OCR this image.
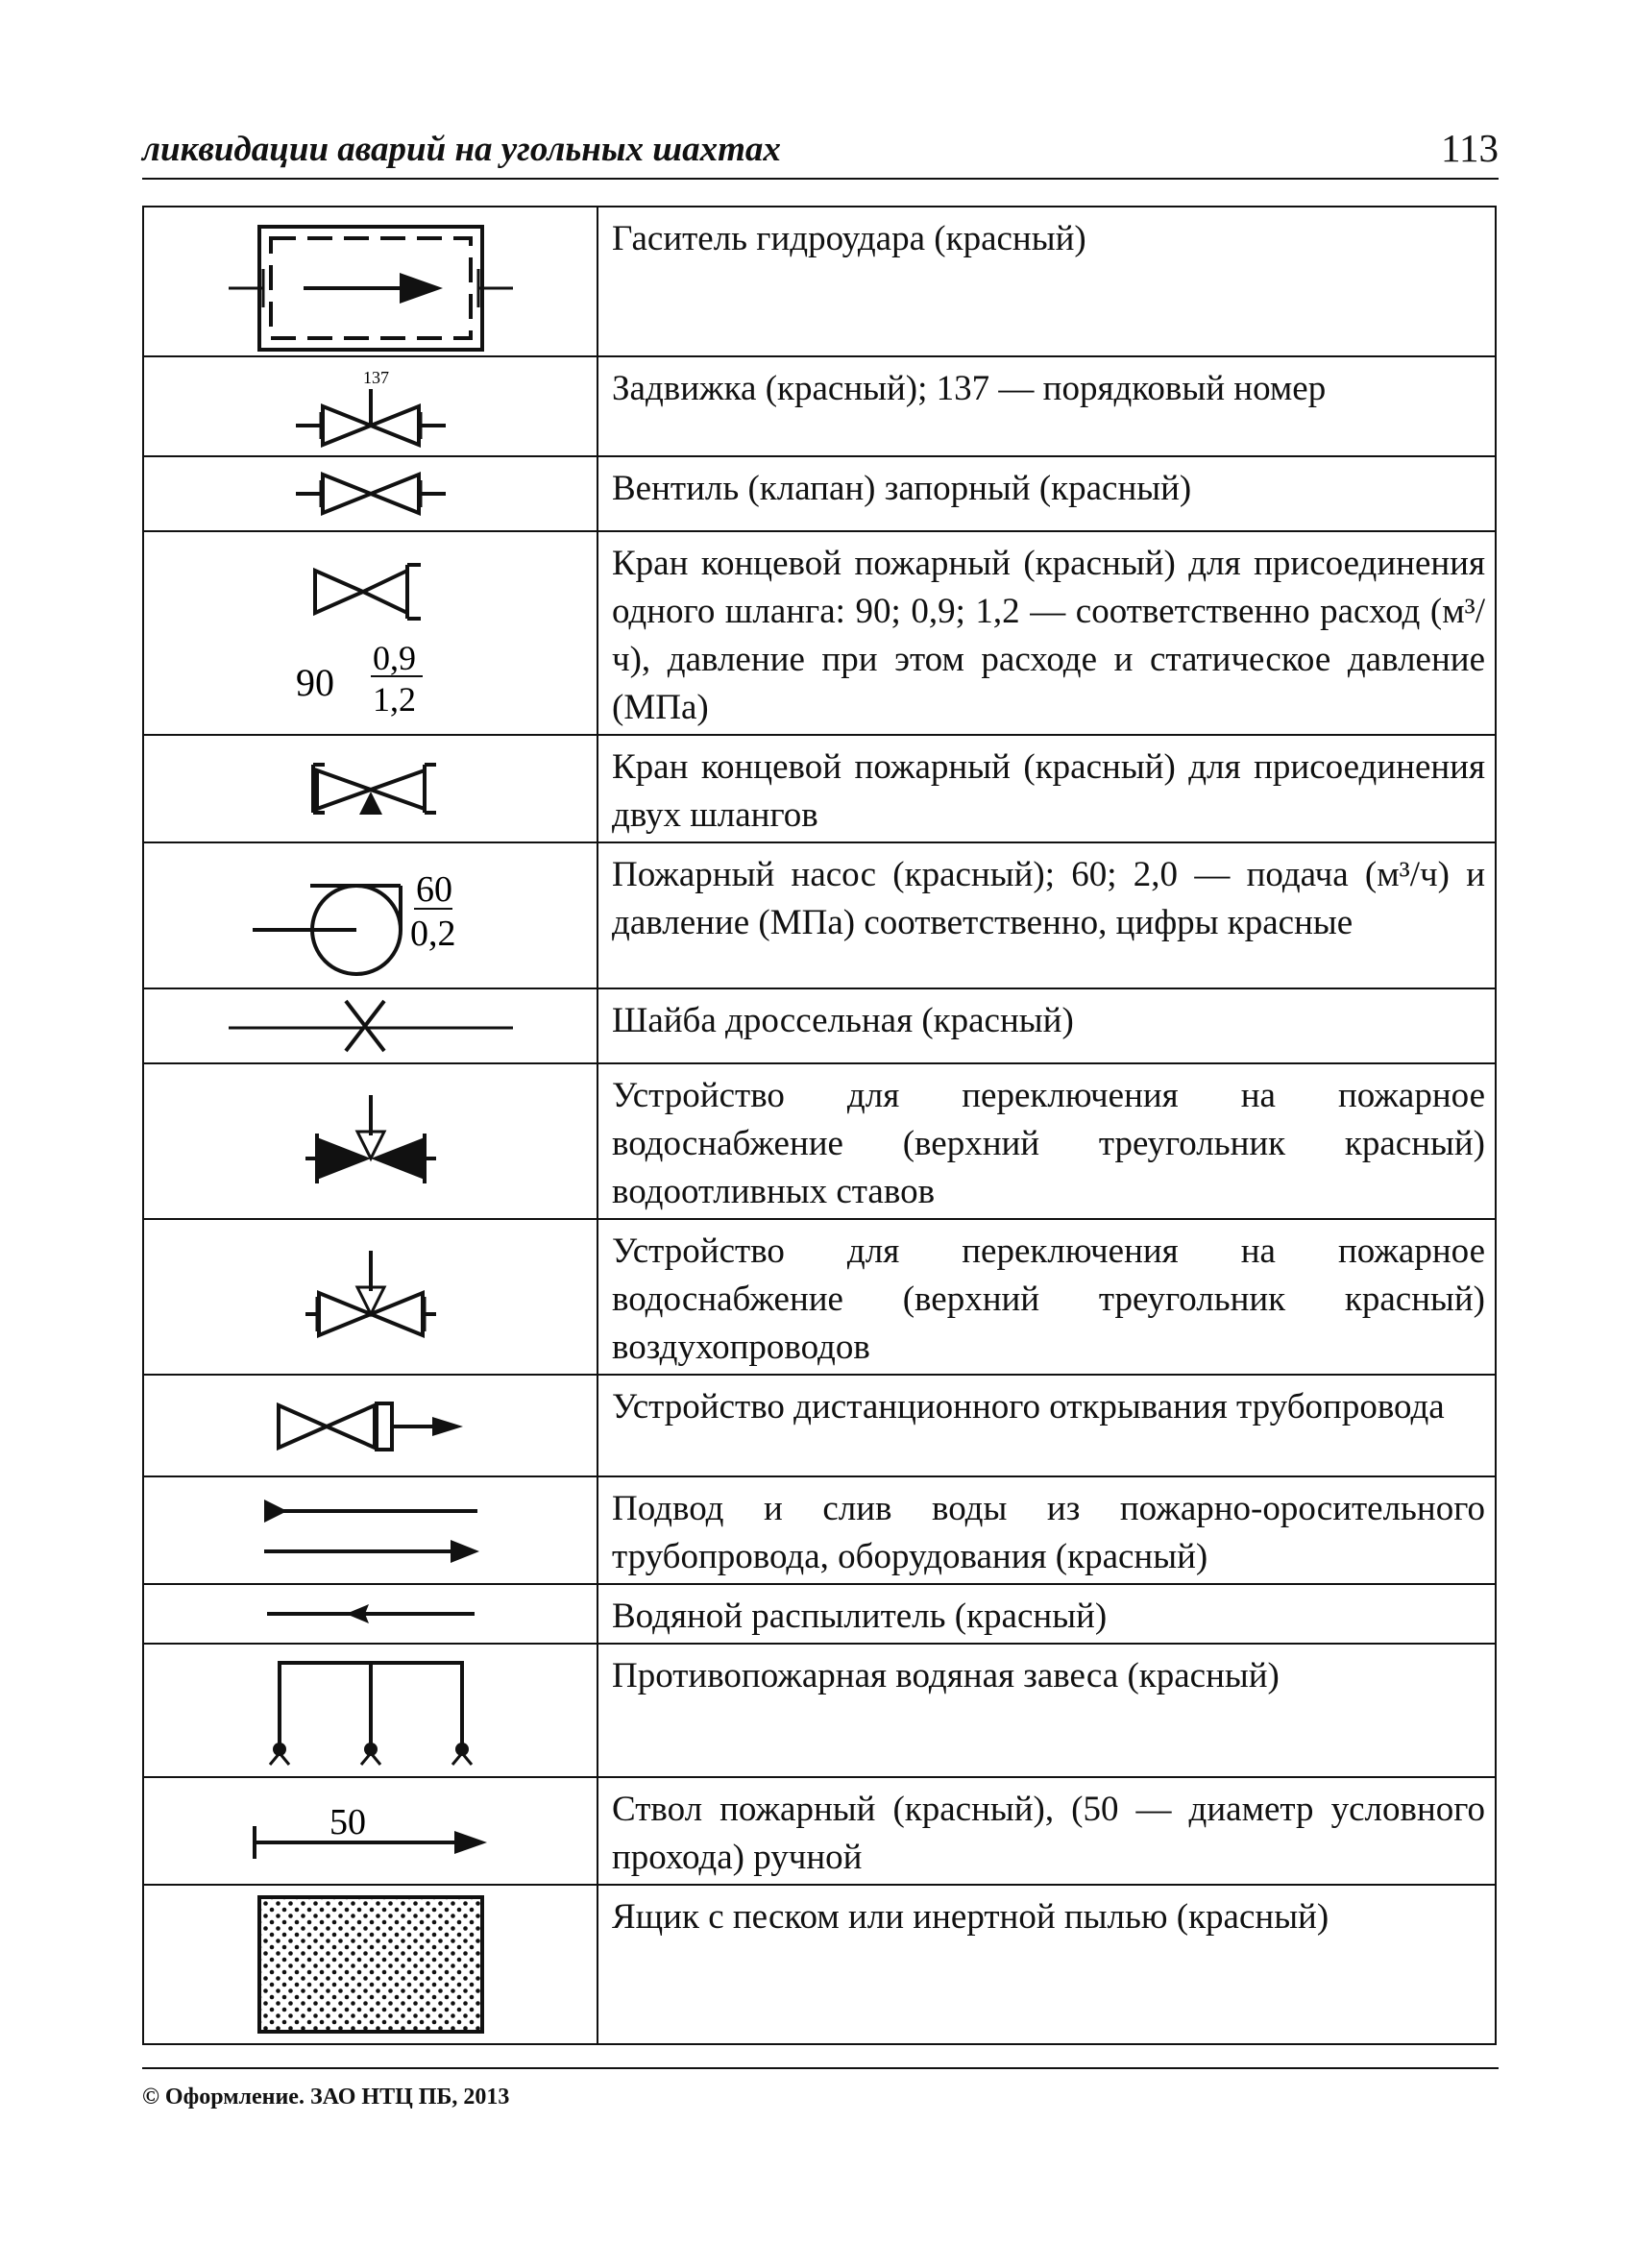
ликвидации аварий на угольных шахтах	113
	Гаситель гидроудара (красный)

137	Задвижка (красный); 137 — порядковый номер

	Вентиль (клапан) запорный (красный)

90
0,9
1,2	Кран концевой пожарный (красный) для присоединения одного шланга: 90; 0,9; 1,2 — соответственно расход (м³/ч), давление при этом расходе и статическое давление (МПа)

	Кран концевой пожарный (красный) для присоединения двух шлангов

60
0,2	Пожарный насос (красный); 60; 2,0 — подача (м³/ч) и давление (МПа) соответственно, цифры красные

	Шайба дроссельная (красный)

	Устройство для переключения на пожарное водоснабжение (верхний треугольник красный) водоотливных ставов

	Устройство для переключения на пожарное водоснабжение (верхний треугольник красный) воздухопроводов

	Устройство дистанционного открывания трубопровода

	Подвод и слив воды из пожарно-оросительного трубопровода, оборудования (красный)

	Водяной распылитель (красный)

	Противопожарная водяная завеса (красный)

50	Ствол пожарный (красный), (50 — диаметр условного прохода) ручной

	Ящик с песком или инертной пылью (красный)
© Оформление. ЗАО НТЦ ПБ, 2013
